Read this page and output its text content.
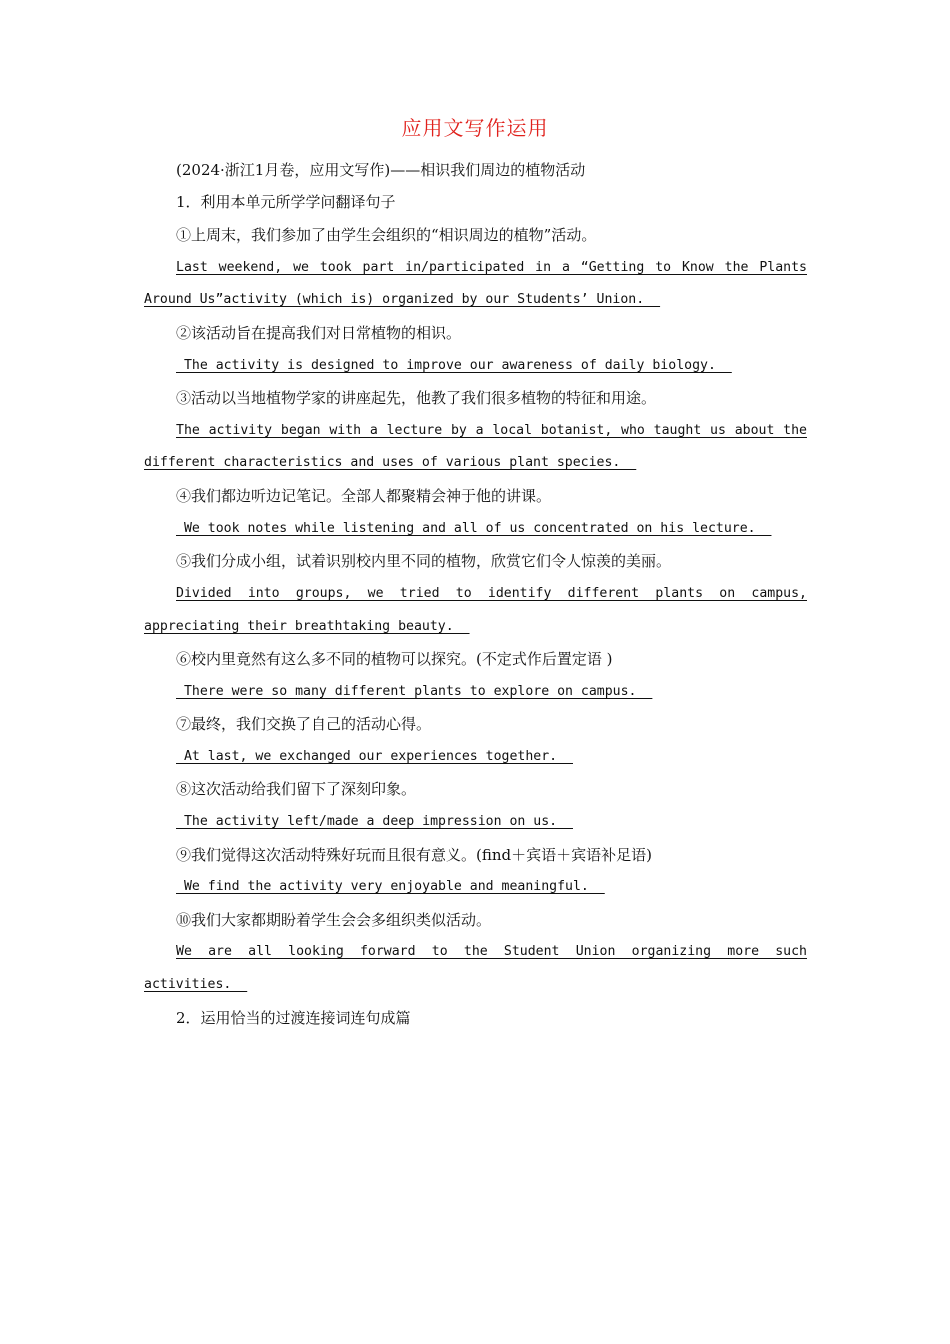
应用文写作运用
(2024·浙江1月卷，应用文写作)——相识我们周边的植物活动
1．利用本单元所学学问翻译句子
①上周末，我们参加了由学生会组织的“相识周边的植物”活动。
Last weekend, we took part in/participated in a “Getting to Know the Plants
Around Us”activity (which is) organized by our Students’ Union.
②该活动旨在提高我们对日常植物的相识。
The activity is designed to improve our awareness of daily biology.
③活动以当地植物学家的讲座起先，他教了我们很多植物的特征和用途。
The activity began with a lecture by a local botanist, who taught us about the
different characteristics and uses of various plant species.
④我们都边听边记笔记。全部人都聚精会神于他的讲课。
We took notes while listening and all of us concentrated on his lecture.
⑤我们分成小组，试着识别校内里不同的植物，欣赏它们令人惊羡的美丽。
Divided into groups, we tried to identify different plants on campus,
appreciating their breathtaking beauty.
⑥校内里竟然有这么多不同的植物可以探究。(不定式作后置定语 )
There were so many different plants to explore on campus.
⑦最终，我们交换了自己的活动心得。
At last, we exchanged our experiences together.
⑧这次活动给我们留下了深刻印象。
The activity left/made a deep impression on us.
⑨我们觉得这次活动特殊好玩而且很有意义。(find＋宾语＋宾语补足语)
We find the activity very enjoyable and meaningful.
⑩我们大家都期盼着学生会会多组织类似活动。
We are all looking forward to the Student Union organizing more such
activities.
2．运用恰当的过渡连接词连句成篇
